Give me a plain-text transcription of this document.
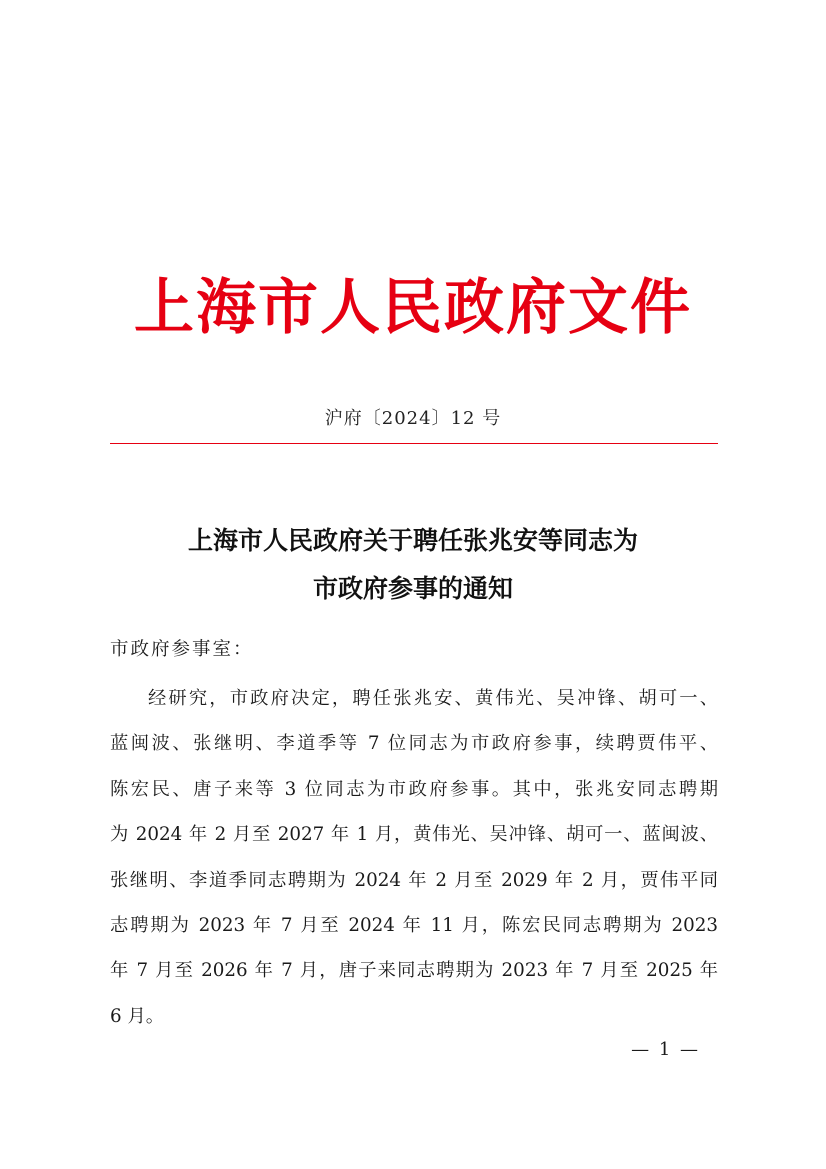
上海市人民政府文件
沪府〔2024〕12 号
上海市人民政府关于聘任张兆安等同志为
市政府参事的通知
市政府参事室：
经研究，市政府决定，聘任张兆安、黄伟光、吴冲锋、胡可一、
蓝闽波、张继明、李道季等 7 位同志为市政府参事，续聘贾伟平、
陈宏民、唐子来等 3 位同志为市政府参事。其中，张兆安同志聘期
为 2024 年 2 月至 2027 年 1 月，黄伟光、吴冲锋、胡可一、蓝闽波、
张继明、李道季同志聘期为 2024 年 2 月至 2029 年 2 月，贾伟平同
志聘期为 2023 年 7 月至 2024 年 11 月，陈宏民同志聘期为 2023
年 7 月至 2026 年 7 月，唐子来同志聘期为 2023 年 7 月至 2025 年
6 月。
— 1 —
